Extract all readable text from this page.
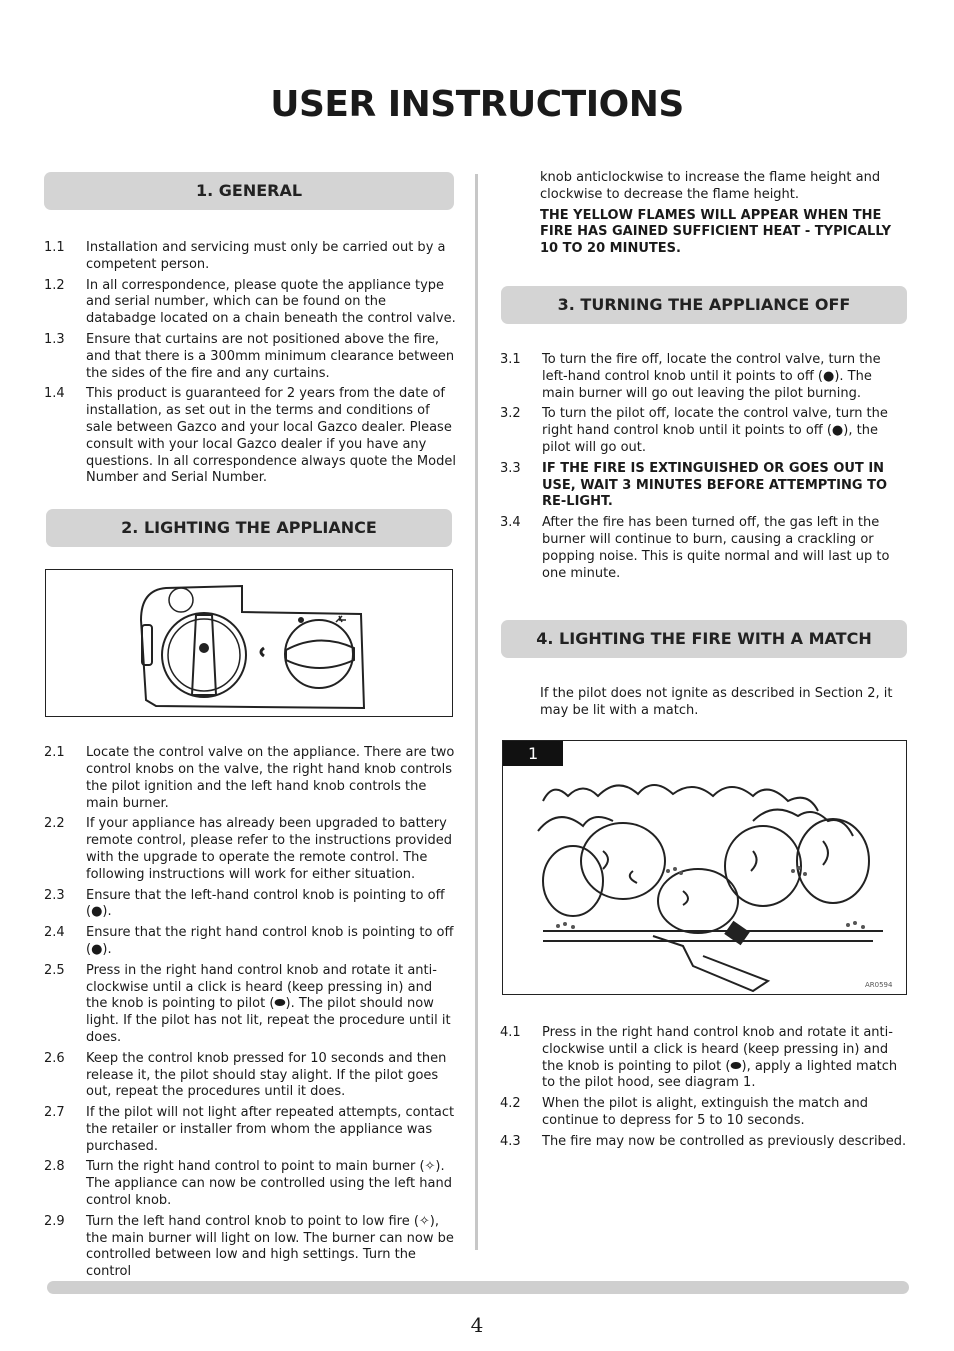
USER INSTRUCTIONS
1. GENERAL
1.1	Installation and servicing must only be carried out by a competent person.
1.2	In all correspondence, please quote the appliance type and serial number, which can be found on the databadge located on a chain beneath the control valve.
1.3	Ensure that curtains are not positioned above the fire, and that there is a 300mm minimum clearance between the sides of the fire and any curtains.
1.4	This product is guaranteed for 2 years from the date of installation, as set out in the terms and conditions of sale between Gazco and your local Gazco dealer. Please consult with your local Gazco dealer if you have any questions. In all correspondence always quote the Model Number and Serial Number.
2. LIGHTING THE APPLIANCE
2.1	Locate the control valve on the appliance. There are two control knobs on the valve, the right hand knob controls the pilot ignition and the left hand knob controls the main burner.
2.2	If your appliance has already been upgraded to battery remote control, please refer to the instructions provided with the upgrade to operate the remote control. The following instructions will work for either situation.
2.3	Ensure that the left-hand control knob is pointing to off (●).
2.4	Ensure that the right hand control knob is pointing to off (●).
2.5	Press in the right hand control knob and rotate it anti-clockwise until a click is heard (keep pressing in) and the knob is pointing to pilot (⬬). The pilot should now light. If the pilot has not lit, repeat the procedure until it does.
2.6	Keep the control knob pressed for 10 seconds and then release it, the pilot should stay alight. If the pilot goes out, repeat the procedures until it does.
2.7	If the pilot will not light after repeated attempts, contact the retailer or installer from whom the appliance was purchased.
2.8	Turn the right hand control to point to main burner (✧). The appliance can now be controlled using the left hand control knob.
2.9	Turn the left hand control knob to point to low fire (✧), the main burner will light on low. The burner can now be controlled between low and high settings. Turn the control
knob anticlockwise to increase the flame height and clockwise to decrease the flame height.
THE YELLOW FLAMES WILL APPEAR WHEN THE FIRE HAS GAINED SUFFICIENT HEAT - TYPICALLY 10 TO 20 MINUTES.
3. TURNING THE APPLIANCE OFF
3.1	To turn the fire off, locate the control valve, turn the left-hand control knob until it points to off (●). The main burner will go out leaving the pilot burning.
3.2	To turn the pilot off, locate the control valve, turn the right hand control knob until it points to off (●), the pilot will go out.
3.3	IF THE FIRE IS EXTINGUISHED OR GOES OUT IN USE, WAIT 3 MINUTES BEFORE ATTEMPTING TO RE-LIGHT.
3.4	After the fire has been turned off, the gas left in the burner will continue to burn, causing a crackling or popping noise. This is quite normal and will last up to one minute.
4. LIGHTING THE FIRE WITH A MATCH
If the pilot does not ignite as described in Section 2, it may be lit with a match.
1
AR0594
4.1	Press in the right hand control knob and rotate it anti-clockwise until a click is heard (keep pressing in) and the knob is pointing to pilot (⬬), apply a lighted match to the pilot hood, see diagram 1.
4.2	When the pilot is alight, extinguish the match and continue to depress for 5 to 10 seconds.
4.3	The fire may now be controlled as previously described.
4
